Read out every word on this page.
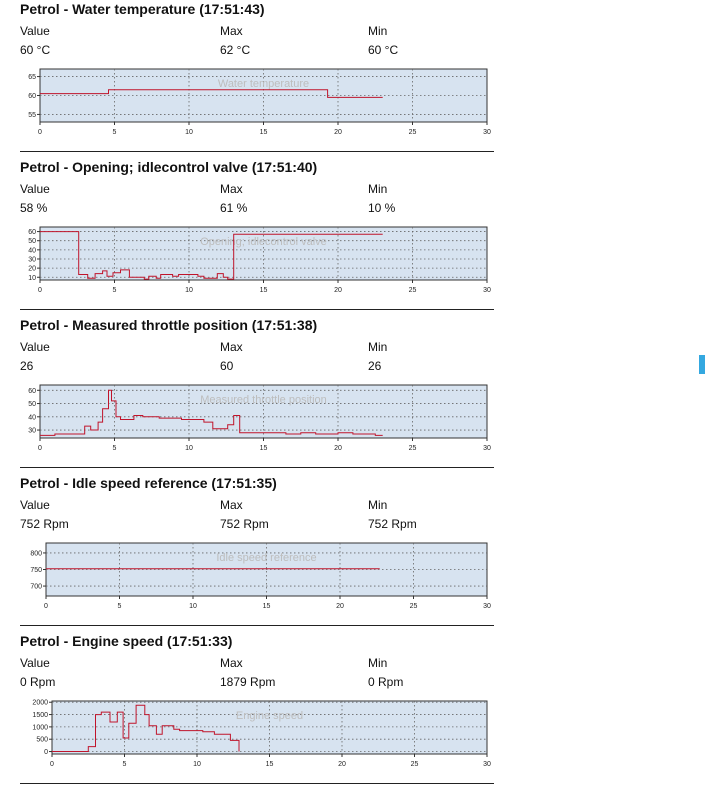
Petrol - Water temperature (17:51:43)
Value	Max	Min
60 °C	62 °C	60 °C
0	5	10	15	20	25	30
55
60
65
Water temperature
Petrol - Opening; idlecontrol valve (17:51:40)
Value	Max	Min
58 %	61 %	10 %
0	5	10	15	20	25	30
10
20
30
40
50
60
Opening; idlecontrol valve
Petrol - Measured throttle position (17:51:38)
Value	Max	Min
26	60	26
0	5	10	15	20	25	30
30
40
50
60
Measured throttle position
Petrol - Idle speed reference (17:51:35)
Value	Max	Min
752 Rpm	752 Rpm	752 Rpm
0	5	10	15	20	25	30
700
750
800	Idle speed reference
Petrol - Engine speed (17:51:33)
Value	Max	Min
0 Rpm	1879 Rpm	0 Rpm
0	5	10	15	20	25	30
0
500
1000
1500
2000
Engine speed
